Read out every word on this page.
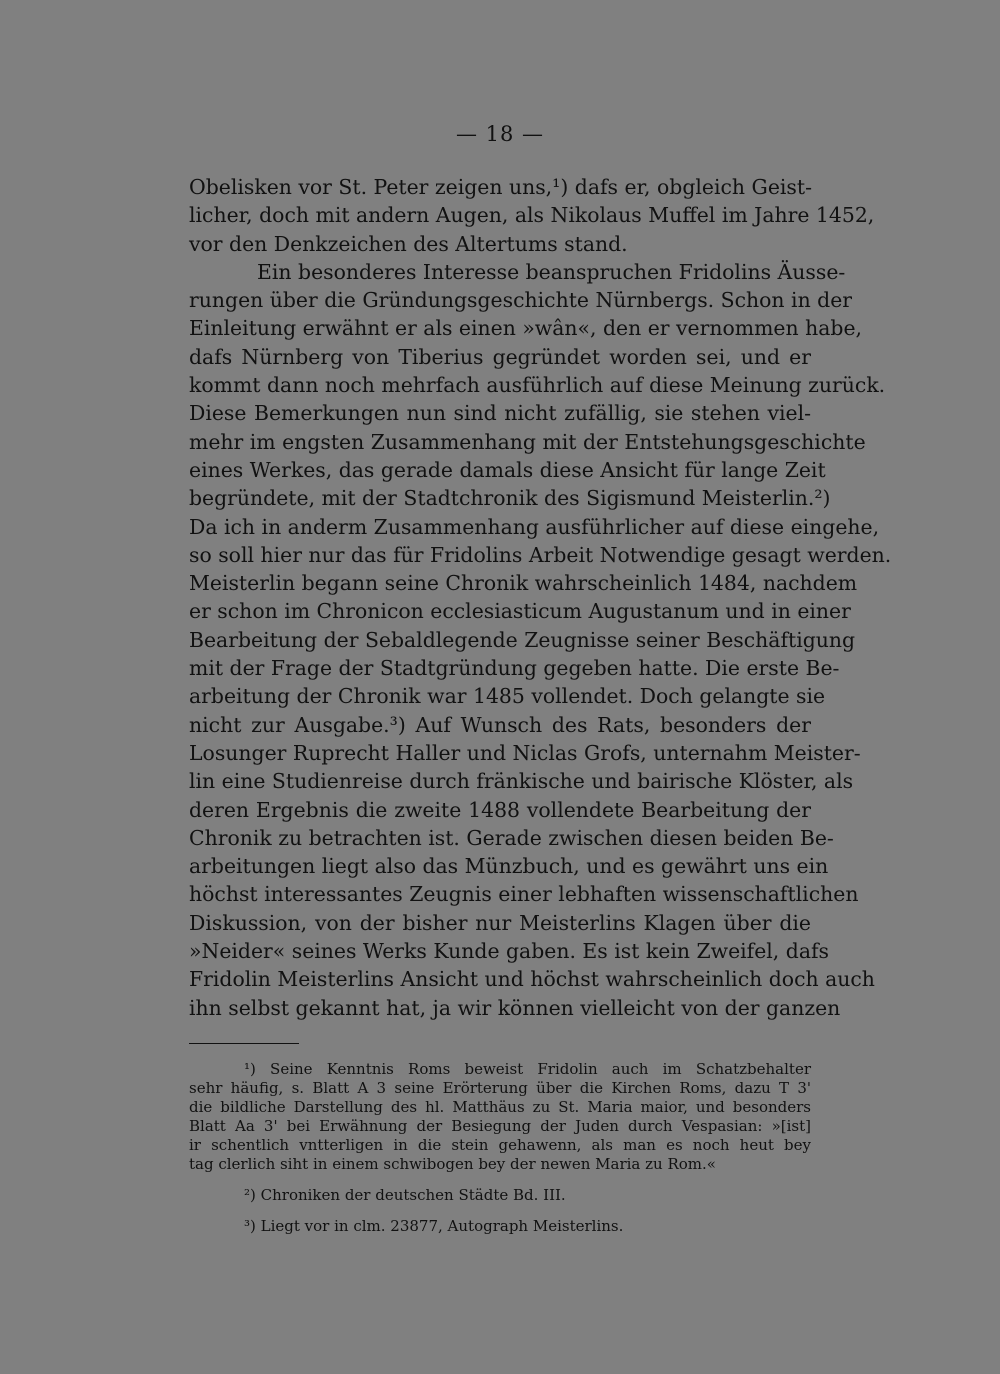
— 18 —
Obelisken vor St. Peter zeigen uns,¹) dafs er, obgleich Geist-
licher, doch mit andern Augen, als Nikolaus Muffel im Jahre 1452,
vor den Denkzeichen des Altertums stand.
Ein besonderes Interesse beanspruchen Fridolins Äusse-
rungen über die Gründungsgeschichte Nürnbergs. Schon in der
Einleitung erwähnt er als einen »wân«, den er vernommen habe,
dafs Nürnberg von Tiberius gegründet worden sei, und er
kommt dann noch mehrfach ausführlich auf diese Meinung zurück.
Diese Bemerkungen nun sind nicht zufällig, sie stehen viel-
mehr im engsten Zusammenhang mit der Entstehungsgeschichte
eines Werkes, das gerade damals diese Ansicht für lange Zeit
begründete, mit der Stadtchronik des Sigismund Meisterlin.²)
Da ich in anderm Zusammenhang ausführlicher auf diese eingehe,
so soll hier nur das für Fridolins Arbeit Notwendige gesagt werden.
Meisterlin begann seine Chronik wahrscheinlich 1484, nachdem
er schon im Chronicon ecclesiasticum Augustanum und in einer
Bearbeitung der Sebaldlegende Zeugnisse seiner Beschäftigung
mit der Frage der Stadtgründung gegeben hatte. Die erste Be-
arbeitung der Chronik war 1485 vollendet. Doch gelangte sie
nicht zur Ausgabe.³) Auf Wunsch des Rats, besonders der
Losunger Ruprecht Haller und Niclas Grofs, unternahm Meister-
lin eine Studienreise durch fränkische und bairische Klöster, als
deren Ergebnis die zweite 1488 vollendete Bearbeitung der
Chronik zu betrachten ist. Gerade zwischen diesen beiden Be-
arbeitungen liegt also das Münzbuch, und es gewährt uns ein
höchst interessantes Zeugnis einer lebhaften wissenschaftlichen
Diskussion, von der bisher nur Meisterlins Klagen über die
»Neider« seines Werks Kunde gaben. Es ist kein Zweifel, dafs
Fridolin Meisterlins Ansicht und höchst wahrscheinlich doch auch
ihn selbst gekannt hat, ja wir können vielleicht von der ganzen
¹) Seine Kenntnis Roms beweist Fridolin auch im Schatzbehalter
sehr häufig, s. Blatt A 3 seine Erörterung über die Kirchen Roms, dazu T 3'
die bildliche Darstellung des hl. Matthäus zu St. Maria maior, und besonders
Blatt Aa 3' bei Erwähnung der Besiegung der Juden durch Vespasian: »[ist]
ir schentlich vntterligen in die stein gehawenn, als man es noch heut bey
tag clerlich siht in einem schwibogen bey der newen Maria zu Rom.«
²) Chroniken der deutschen Städte Bd. III.
³) Liegt vor in clm. 23877, Autograph Meisterlins.
